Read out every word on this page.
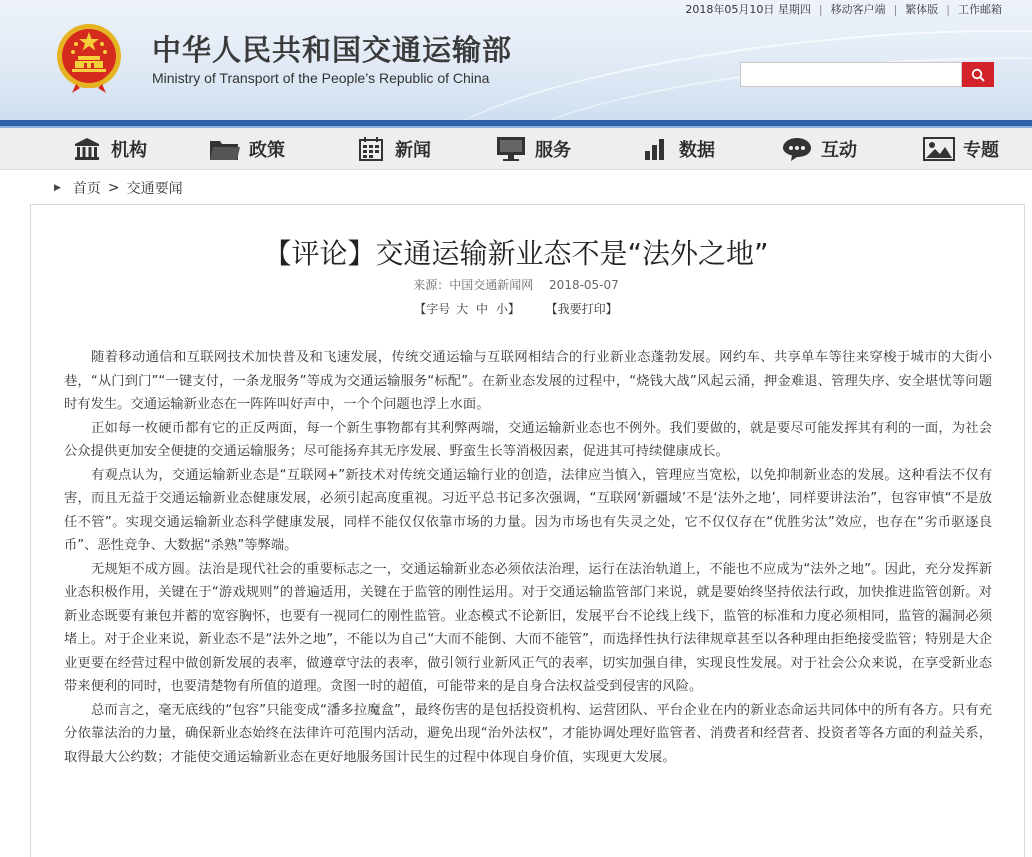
2018年05月10日 星期四 | 移动客户端 | 繁体版 | 工作邮箱
中华人民共和国交通运输部
Ministry of Transport of the People’s Republic of China
机构	政策	新闻	服务	数据	互动	专题
▶ 首页 > 交通要闻
【评论】交通运输新业态不是“法外之地”
来源：中国交通新闻网 2018-05-07
【字号 大 中 小】 【我要打印】

随着移动通信和互联网技术加快普及和飞速发展，传统交通运输与互联网相结合的行业新业态蓬勃发展。网约车、共享单车等往来穿梭于城市的大街小巷，“从门到门”“一键支付，一条龙服务”等成为交通运输服务“标配”。在新业态发展的过程中，“烧钱大战”风起云涌，押金难退、管理失序、安全堪忧等问题时有发生。交通运输新业态在一阵阵叫好声中，一个个问题也浮上水面。

正如每一枚硬币都有它的正反两面，每一个新生事物都有其利弊两端，交通运输新业态也不例外。我们要做的，就是要尽可能发挥其有利的一面，为社会公众提供更加安全便捷的交通运输服务；尽可能扬弃其无序发展、野蛮生长等消极因素，促进其可持续健康成长。

有观点认为，交通运输新业态是“互联网+”新技术对传统交通运输行业的创造，法律应当慎入，管理应当宽松，以免抑制新业态的发展。这种看法不仅有害，而且无益于交通运输新业态健康发展，必须引起高度重视。习近平总书记多次强调，“互联网‘新疆域’不是‘法外之地’，同样要讲法治”，包容审慎“不是放任不管”。实现交通运输新业态科学健康发展，同样不能仅仅依靠市场的力量。因为市场也有失灵之处，它不仅仅存在“优胜劣汰”效应，也存在“劣币驱逐良币”、恶性竞争、大数据“杀熟”等弊端。

无规矩不成方圆。法治是现代社会的重要标志之一，交通运输新业态必须依法治理，运行在法治轨道上，不能也不应成为“法外之地”。因此，充分发挥新业态积极作用，关键在于“游戏规则”的普遍适用，关键在于监管的刚性运用。对于交通运输监管部门来说，就是要始终坚持依法行政，加快推进监管创新。对新业态既要有兼包并蓄的宽容胸怀，也要有一视同仁的刚性监管。业态模式不论新旧，发展平台不论线上线下，监管的标准和力度必须相同，监管的漏洞必须堵上。对于企业来说，新业态不是“法外之地”，不能以为自己“大而不能倒、大而不能管”，而选择性执行法律规章甚至以各种理由拒绝接受监管；特别是大企业更要在经营过程中做创新发展的表率，做遵章守法的表率，做引领行业新风正气的表率，切实加强自律，实现良性发展。对于社会公众来说，在享受新业态带来便利的同时，也要清楚物有所值的道理。贪图一时的超值，可能带来的是自身合法权益受到侵害的风险。

总而言之，毫无底线的“包容”只能变成“潘多拉魔盒”，最终伤害的是包括投资机构、运营团队、平台企业在内的新业态命运共同体中的所有各方。只有充分依靠法治的力量，确保新业态始终在法律许可范围内活动，避免出现“治外法权”，才能协调处理好监管者、消费者和经营者、投资者等各方面的利益关系，取得最大公约数；才能使交通运输新业态在更好地服务国计民生的过程中体现自身价值，实现更大发展。
